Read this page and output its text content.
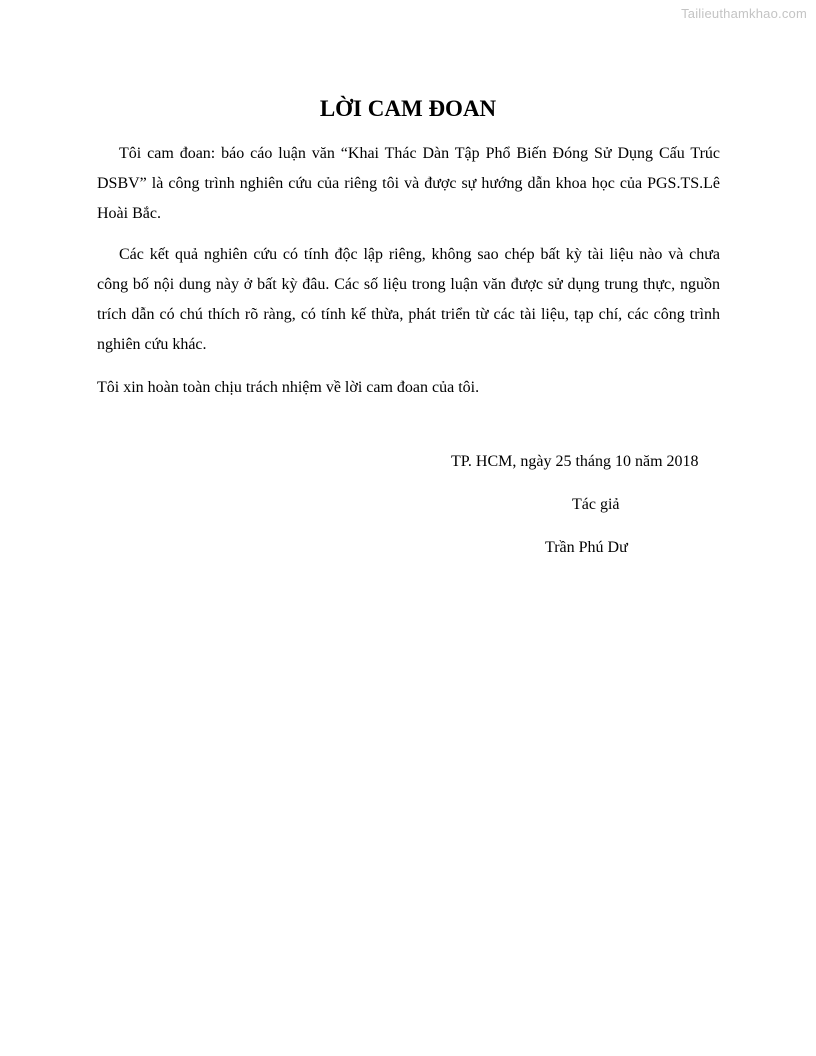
Tailieuthamkhao.com
LỜI CAM ĐOAN

Tôi cam đoan: báo cáo luận văn “Khai Thác Dàn Tập Phổ Biến Đóng Sử Dụng Cấu Trúc DSBV” là công trình nghiên cứu của riêng tôi và được sự hướng dẫn khoa học của PGS.TS.Lê Hoài Bắc.

Các kết quả nghiên cứu có tính độc lập riêng, không sao chép bất kỳ tài liệu nào và chưa công bố nội dung này ở bất kỳ đâu. Các số liệu trong luận văn được sử dụng trung thực, nguồn trích dẫn có chú thích rõ ràng, có tính kế thừa, phát triển từ các tài liệu, tạp chí, các công trình nghiên cứu khác.

Tôi xin hoàn toàn chịu trách nhiệm về lời cam đoan của tôi.

TP. HCM, ngày 25 tháng 10 năm 2018

Tác giả

Trần Phú Dư
